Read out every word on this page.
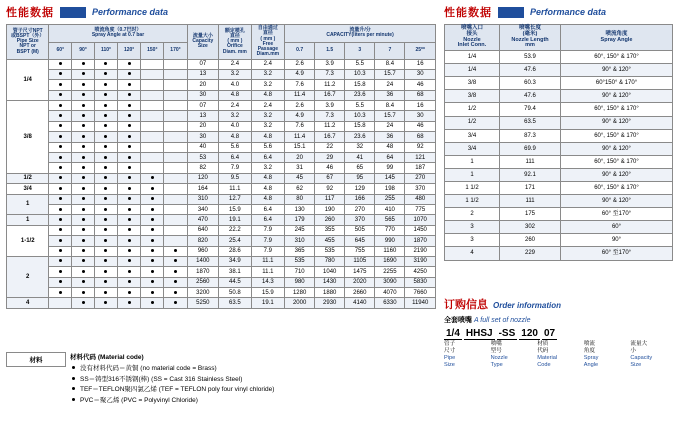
性能数据	Performance data	性能数据	Performance data
管子尺寸NPT
或BSPT（外）
Pipe Size
NPT or
BSPT (M)	喷流角度（0.7巴时）
Spray Angle at 0.7 bar						流量大小
Capacity
Size	额定喷孔
直径
( mm )
Orifice
Diam. mm	自由通过
直径
( mm )
Free Passage
Diam.mm	流量升/分
CAPACITY(liters per minute)				
	60°	90°	110°	120°	150°	170°				0.7	1.5	3	7	25**
1/4							07	2.4	2.4	2.6	3.9	5.5	8.4	16
							13	3.2	3.2	4.9	7.3	10.3	15.7	30
							20	4.0	3.2	7.6	11.2	15.8	24	46
							30	4.8	4.8	11.4	16.7	23.6	36	68
3/8							07	2.4	2.4	2.6	3.9	5.5	8.4	16
							13	3.2	3.2	4.9	7.3	10.3	15.7	30
							20	4.0	3.2	7.6	11.2	15.8	24	46
							30	4.8	4.8	11.4	16.7	23.6	36	68
							40	5.6	5.6	15.1	22	32	48	92
							53	6.4	6.4	20	29	41	64	121
							82	7.9	3.2	31	46	65	99	187
1/2							120	9.5	4.8	45	67	95	145	270
3/4							164	11.1	4.8	62	92	129	198	370
1							310	12.7	4.8	80	117	166	255	480
							340	15.9	6.4	130	190	270	410	775
1							470	19.1	6.4	179	260	370	565	1070
1-1/2							640	22.2	7.9	245	355	505	770	1450
							820	25.4	7.9	310	455	645	990	1870
							960	28.6	7.9	365	535	755	1160	2190
2							1400	34.9	11.1	535	780	1105	1690	3190
							1870	38.1	11.1	710	1040	1475	2255	4250
							2560	44.5	14.3	980	1430	2020	3090	5830
							3200	50.8	15.9	1280	1880	2660	4070	7660
4							5250	63.5	19.1	2000	2930	4140	6330	11940
喷嘴入口
接头
Nozzle
Inlet Conn.	喷嘴长度
(毫米)
Nozzle Length
mm	喷流角度
Spray Angle
1/4	53.9	60°, 150° & 170°
1/4	47.6	90° & 120°
3/8	60.3	60°150° & 170°
3/8	47.6	90° & 120°
1/2	79.4	60°, 150° & 170°
1/2	63.5	90° & 120°
3/4	87.3	60°, 150° & 170°
3/4	69.9	90° & 120°
1	111	60°, 150° & 170°
1	92.1	90° & 120°
1 1/2	171	60°, 150° & 170°
1 1/2	111	90° & 120°
2	175	60° 至170°
3	302	60°
3	260	90°
4	229	60° 至170°
材料	材料代码 (Material code)
没有材料代码＝黄铜 (no material code = Brass)
SS＝铸型316不锈钢(棒) (SS = Cast 316 Stainless Steel)
TEF＝TEFLON聚四氯乙烯 (TEF = TEFLON poly four vinyl chloride)
PVC＝聚乙烯 (PVC = Polyvinyl Chloride)
订购信息 Order information
全套喷嘴 A full set of nozzle
1/4 HHSJ -SS 120 07
管子
尺寸
Pipe
Size
喷嘴
型号
Nozzle
Type
材质
代码
Material
Code
喷流
角度
Spray
Angle
流量大
小
Capacity
Size
